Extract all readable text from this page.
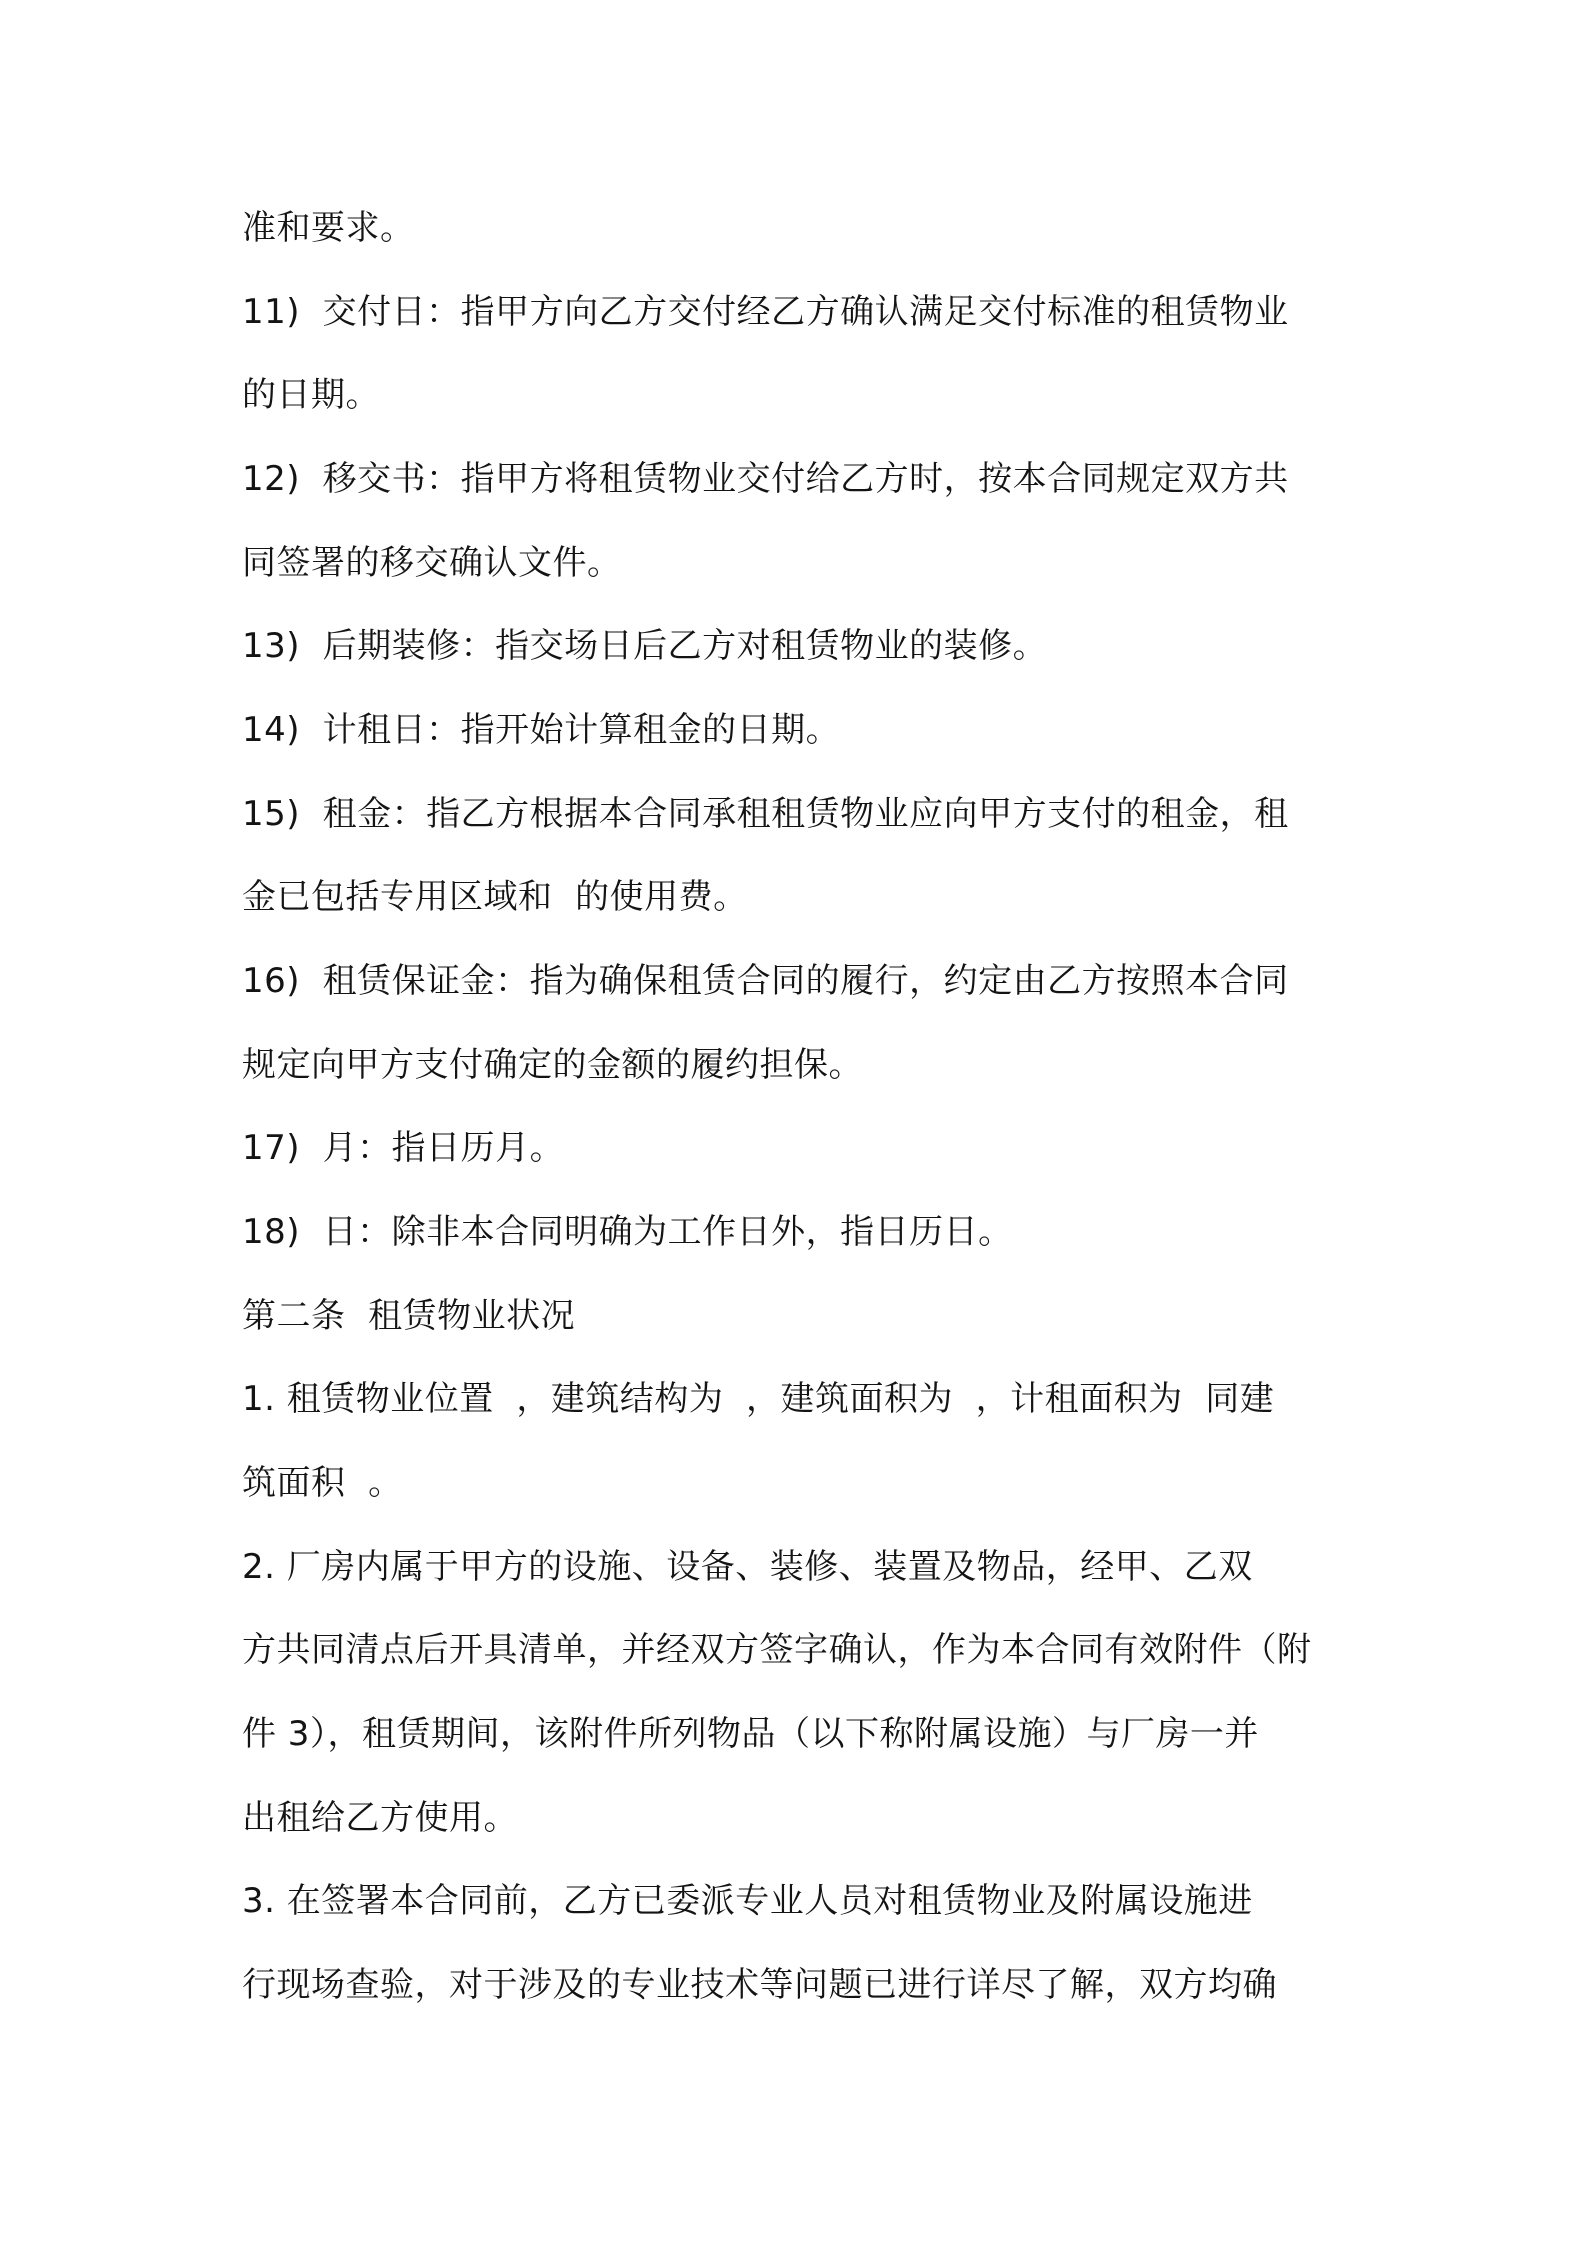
准和要求。
11)  交付日：指甲方向乙方交付经乙方确认满足交付标准的租赁物业
的日期。
12)  移交书：指甲方将租赁物业交付给乙方时，按本合同规定双方共
同签署的移交确认文件。
13)  后期装修：指交场日后乙方对租赁物业的装修。
14)  计租日：指开始计算租金的日期。
15)  租金：指乙方根据本合同承租租赁物业应向甲方支付的租金，租
金已包括专用区域和  的使用费。
16)  租赁保证金：指为确保租赁合同的履行，约定由乙方按照本合同
规定向甲方支付确定的金额的履约担保。
17)  月：指日历月。
18)  日：除非本合同明确为工作日外，指日历日。
第二条  租赁物业状况
1. 租赁物业位置  ，建筑结构为  ，建筑面积为  ，计租面积为  同建
筑面积  。
2. 厂房内属于甲方的设施、设备、装修、装置及物品，经甲、乙双
方共同清点后开具清单，并经双方签字确认，作为本合同有效附件（附
件 3），租赁期间，该附件所列物品（以下称附属设施）与厂房一并
出租给乙方使用。
3. 在签署本合同前，乙方已委派专业人员对租赁物业及附属设施进
行现场查验，对于涉及的专业技术等问题已进行详尽了解，双方均确
